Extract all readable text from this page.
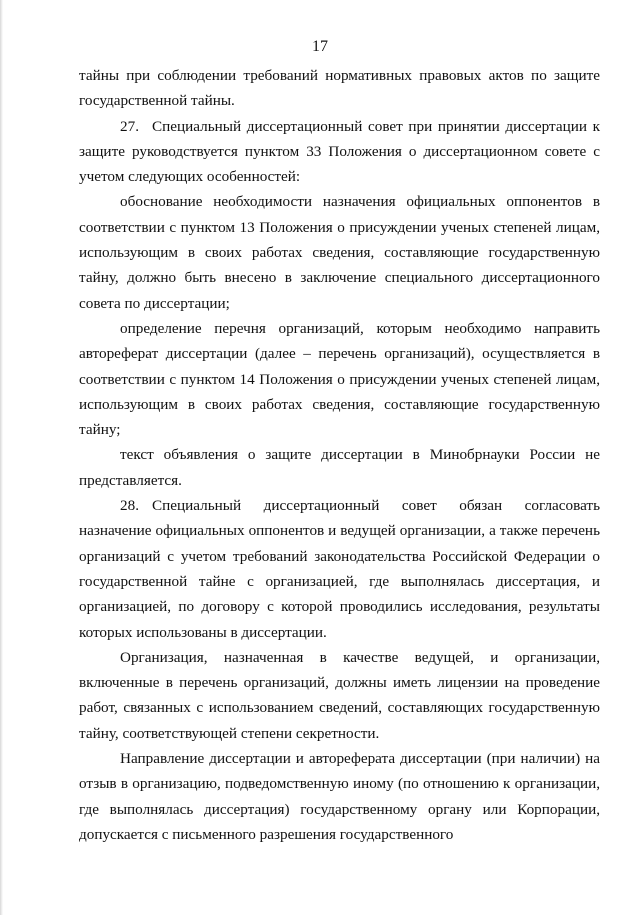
17

тайны при соблюдении требований нормативных правовых актов по защите государственной тайны.

27. Специальный диссертационный совет при принятии диссертации к защите руководствуется пунктом 33 Положения о диссертационном совете с учетом следующих особенностей:

обоснование необходимости назначения официальных оппонентов в соответствии с пунктом 13 Положения о присуждении ученых степеней лицам, использующим в своих работах сведения, составляющие государственную тайну, должно быть внесено в заключение специального диссертационного совета по диссертации;

определение перечня организаций, которым необходимо направить автореферат диссертации (далее – перечень организаций), осуществляется в соответствии с пунктом 14 Положения о присуждении ученых степеней лицам, использующим в своих работах сведения, составляющие государственную тайну;

текст объявления о защите диссертации в Минобрнауки России не представляется.

28. Специальный диссертационный совет обязан согласовать назначение официальных оппонентов и ведущей организации, а также перечень организаций с учетом требований законодательства Российской Федерации о государственной тайне с организацией, где выполнялась диссертация, и организацией, по договору с которой проводились исследования, результаты которых использованы в диссертации.

Организация, назначенная в качестве ведущей, и организации, включенные в перечень организаций, должны иметь лицензии на проведение работ, связанных с использованием сведений, составляющих государственную тайну, соответствующей степени секретности.

Направление диссертации и автореферата диссертации (при наличии) на отзыв в организацию, подведомственную иному (по отношению к организации, где выполнялась диссертация) государственному органу или Корпорации, допускается с письменного разрешения государственного
